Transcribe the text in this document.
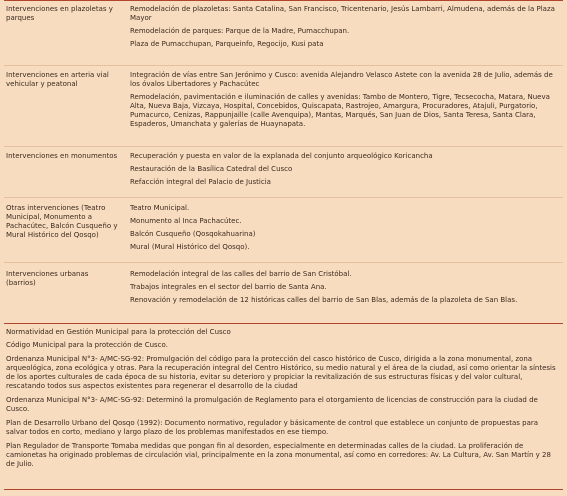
Intervenciones en plazoletas y parques

Remodelación de plazoletas: Santa Catalina, San Francisco, Tricentenario, Jesús Lambarri, Almudena, además de la Plaza Mayor

Remodelación de parques: Parque de la Madre, Pumacchupan.

Plaza de Pumacchupan, Parqueinfo, Regocijo, Kusi pata

Intervenciones en arteria vial vehicular y peatonal

Integración de vías entre San Jerónimo y Cusco: avenida Alejandro Velasco Astete con la avenida 28 de Julio, además de los óvalos Libertadores y Pachacútec

Remodelación, pavimentación e iluminación de calles y avenidas: Tambo de Montero, Tigre, Tecsecocha, Matara, Nueva Alta, Nueva Baja, Vizcaya, Hospital, Concebidos, Quiscapata, Rastrojeo, Amargura, Procuradores, Atajuli, Purgatorio, Pumacurco, Cenizas, Rappunjaille (calle Avenquipa), Mantas, Marqués, San Juan de Dios, Santa Teresa, Santa Clara, Espaderos, Umanchata y galerías de Huaynapata.

Intervenciones en monumentos Recuperación y puesta en valor de la explanada del conjunto arqueológico Koricancha

Restauración de la Basílica Catedral del Cusco

Refacción integral del Palacio de Justicia

Otras intervenciones (Teatro Municipal, Monumento a Pachacútec, Balcón Cusqueño y Mural Histórico del Qosqo)

Teatro Municipal.

Monumento al Inca Pachacútec.

Balcón Cusqueño (Qosqokahuarina)

Mural (Mural Histórico del Qosqo).

Intervenciones urbanas (barrios)

Remodelación integral de las calles del barrio de San Cristóbal.

Trabajos integrales en el sector del barrio de Santa Ana.

Renovación y remodelación de 12 históricas calles del barrio de San Blas, además de la plazoleta de San Blas.

Normatividad en Gestión Municipal para la protección del Cusco

Código Municipal para la protección de Cusco.

Ordenanza Municipal N°3- A/MC-SG-92: Promulgación del código para la protección del casco histórico de Cusco, dirigida a la zona monumental, zona arqueológica, zona ecológica y otras. Para la recuperación integral del Centro Histórico, su medio natural y el área de la ciudad, así como orientar la síntesis de los aportes culturales de cada época de su historia, evitar su deterioro y propiciar la revitalización de sus estructuras físicas y del valor cultural, rescatando todos sus aspectos existentes para regenerar el desarrollo de la ciudad

Ordenanza Municipal N°3- A/MC-SG-92: Determinó la promulgación de Reglamento para el otorgamiento de licencias de construcción para la ciudad de Cusco.

Plan de Desarrollo Urbano del Qosqo (1992): Documento normativo, regulador y básicamente de control que establece un conjunto de propuestas para salvar todos en corto, mediano y largo plazo de los problemas manifestados en ese tiempo.

Plan Regulador de Transporte Tomaba medidas que pongan fin al desorden, especialmente en determinadas calles de la ciudad. La proliferación de camionetas ha originado problemas de circulación vial, principalmente en la zona monumental, así como en corredores: Av. La Cultura, Av. San Martín y 28 de Julio.
